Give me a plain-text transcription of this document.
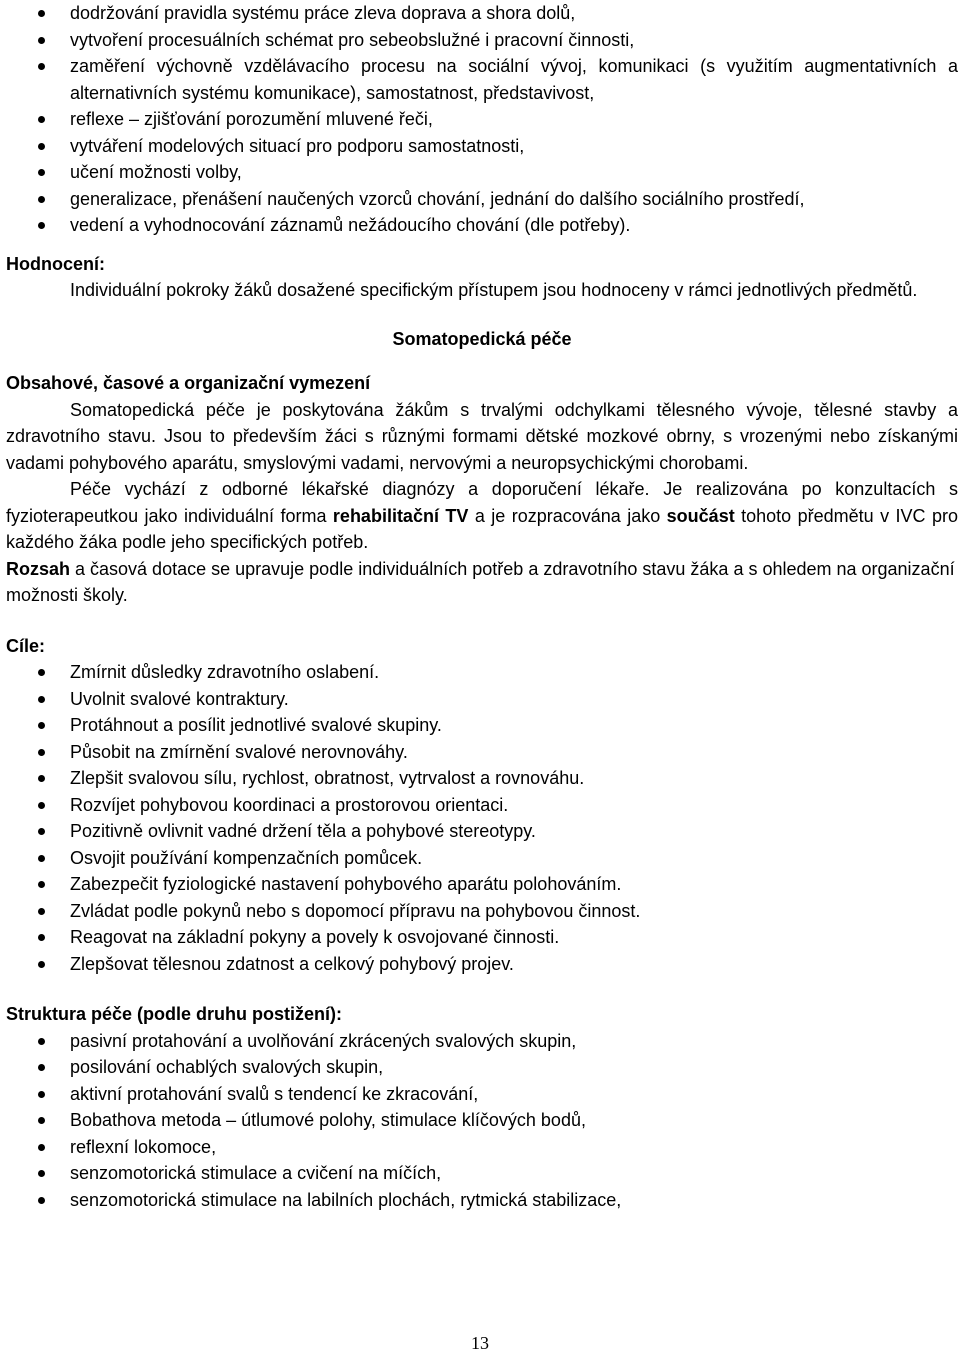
dodržování pravidla systému práce zleva doprava a shora dolů,
vytvoření procesuálních schémat pro sebeobslužné i pracovní činnosti,
zaměření výchovně vzdělávacího procesu na sociální vývoj, komunikaci (s využitím augmentativních a alternativních systému komunikace), samostatnost, představivost,
reflexe – zjišťování porozumění mluvené řeči,
vytváření modelových situací pro podporu samostatnosti,
učení možnosti volby,
generalizace, přenášení naučených vzorců chování, jednání do dalšího sociálního prostředí,
vedení a vyhodnocování záznamů nežádoucího chování (dle potřeby).

Hodnocení:

Individuální pokroky žáků dosažené specifickým přístupem jsou hodnoceny v rámci jednotlivých předmětů.

Somatopedická péče

Obsahové, časové a organizační vymezení

Somatopedická péče je poskytována žákům s trvalými odchylkami tělesného vývoje, tělesné stavby a zdravotního stavu. Jsou to především žáci s různými formami dětské mozkové obrny, s vrozenými nebo získanými vadami pohybového aparátu, smyslovými vadami, nervovými a neuropsychickými chorobami.

Péče vychází z odborné lékařské diagnózy a doporučení lékaře. Je realizována po konzultacích s fyzioterapeutkou jako individuální forma rehabilitační TV a je rozpracována jako součást tohoto předmětu v IVC pro každého žáka podle jeho specifických potřeb.

Rozsah a časová dotace se upravuje podle individuálních potřeb a zdravotního stavu žáka a s ohledem na organizační možnosti školy.

Cíle:

Zmírnit důsledky zdravotního oslabení.
Uvolnit svalové kontraktury.
Protáhnout a posílit jednotlivé svalové skupiny.
Působit na zmírnění svalové nerovnováhy.
Zlepšit svalovou sílu, rychlost, obratnost, vytrvalost a rovnováhu.
Rozvíjet pohybovou koordinaci a prostorovou orientaci.
Pozitivně ovlivnit vadné držení těla a pohybové stereotypy.
Osvojit používání kompenzačních pomůcek.
Zabezpečit fyziologické nastavení pohybového aparátu polohováním.
Zvládat podle pokynů nebo s dopomocí přípravu na pohybovou činnost.
Reagovat na základní pokyny a povely k osvojované činnosti.
Zlepšovat tělesnou zdatnost a celkový pohybový projev.

Struktura péče (podle druhu postižení):

pasivní protahování a uvolňování zkrácených svalových skupin,
posilování ochablých svalových skupin,
aktivní protahování svalů s tendencí ke zkracování,
Bobathova metoda – útlumové polohy, stimulace klíčových bodů,
reflexní lokomoce,
senzomotorická stimulace a cvičení na míčích,
senzomotorická stimulace na labilních plochách, rytmická stabilizace,
13
